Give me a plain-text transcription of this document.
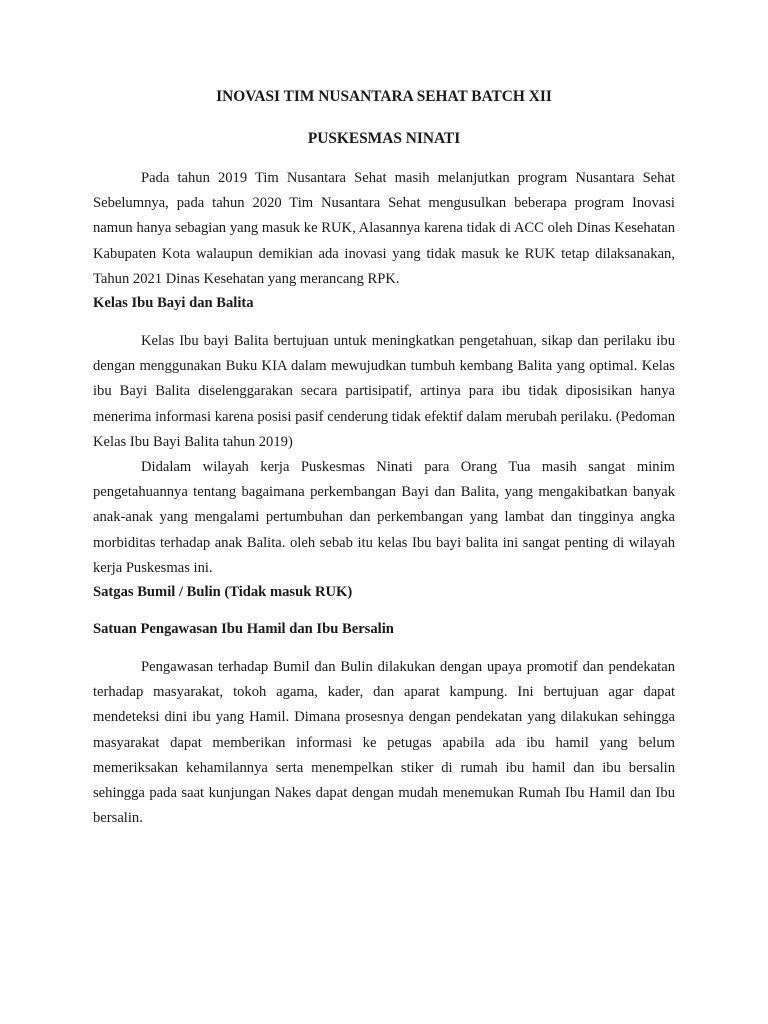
INOVASI TIM NUSANTARA SEHAT BATCH XII
PUSKESMAS NINATI

Pada tahun 2019 Tim Nusantara Sehat masih melanjutkan program Nusantara Sehat Sebelumnya, pada tahun 2020 Tim Nusantara Sehat mengusulkan beberapa program Inovasi namun hanya sebagian yang masuk ke RUK, Alasannya karena tidak di ACC oleh Dinas Kesehatan Kabupaten Kota walaupun demikian ada inovasi yang tidak masuk ke RUK tetap dilaksanakan, Tahun 2021 Dinas Kesehatan yang merancang RPK.

Kelas Ibu Bayi dan Balita

Kelas Ibu bayi Balita bertujuan untuk meningkatkan pengetahuan, sikap dan perilaku ibu dengan menggunakan Buku KIA dalam mewujudkan tumbuh kembang Balita yang optimal. Kelas ibu Bayi Balita diselenggarakan secara partisipatif, artinya para ibu tidak diposisikan hanya menerima informasi karena posisi pasif cenderung tidak efektif dalam merubah perilaku. (Pedoman Kelas Ibu Bayi Balita tahun 2019)

Didalam wilayah kerja Puskesmas Ninati para Orang Tua masih sangat minim pengetahuannya tentang bagaimana perkembangan Bayi dan Balita, yang mengakibatkan banyak anak-anak yang mengalami pertumbuhan dan perkembangan yang lambat dan tingginya angka morbiditas terhadap anak Balita. oleh sebab itu kelas Ibu bayi balita ini sangat penting di wilayah kerja Puskesmas ini.

Satgas Bumil / Bulin (Tidak masuk RUK)
Satuan Pengawasan Ibu Hamil dan Ibu Bersalin

Pengawasan terhadap Bumil dan Bulin dilakukan dengan upaya promotif dan pendekatan terhadap masyarakat, tokoh agama, kader, dan aparat kampung. Ini bertujuan agar dapat mendeteksi dini ibu yang Hamil. Dimana prosesnya dengan pendekatan yang dilakukan sehingga masyarakat dapat memberikan informasi ke petugas apabila ada ibu hamil yang belum memeriksakan kehamilannya serta menempelkan stiker di rumah ibu hamil dan ibu bersalin sehingga pada saat kunjungan Nakes dapat dengan mudah menemukan Rumah Ibu Hamil dan Ibu bersalin.
